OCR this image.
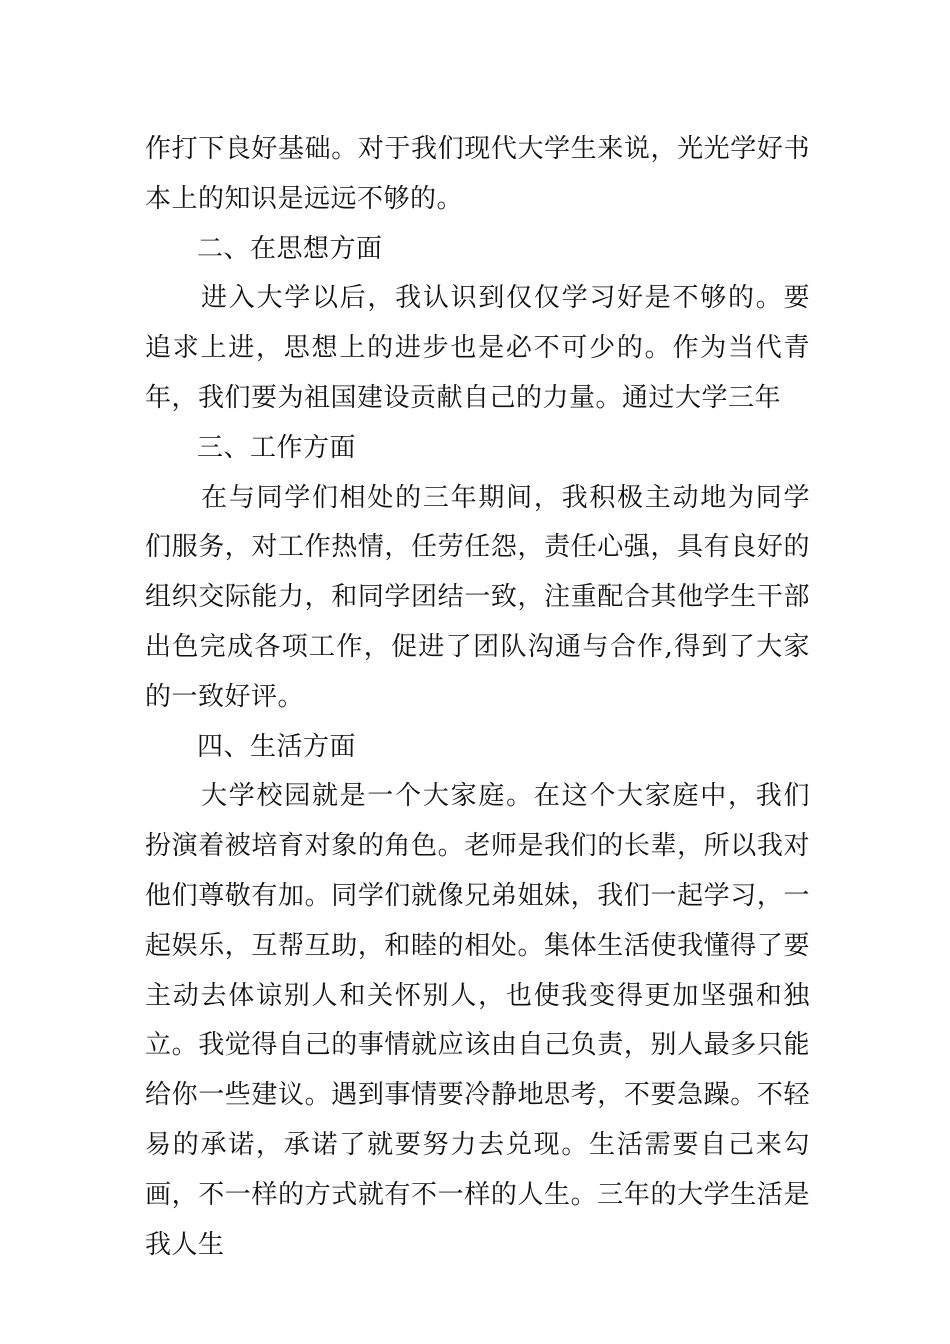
作打下良好基础。对于我们现代大学生来说，光光学好书本上的知识是远远不够的。

二、在思想方面

进入大学以后，我认识到仅仅学习好是不够的。要追求上进，思想上的进步也是必不可少的。作为当代青年，我们要为祖国建设贡献自己的力量。通过大学三年

三、工作方面

在与同学们相处的三年期间，我积极主动地为同学们服务，对工作热情，任劳任怨，责任心强，具有良好的组织交际能力，和同学团结一致，注重配合其他学生干部出色完成各项工作，促进了团队沟通与合作,得到了大家的一致好评。

四、生活方面

大学校园就是一个大家庭。在这个大家庭中，我们扮演着被培育对象的角色。老师是我们的长辈，所以我对他们尊敬有加。同学们就像兄弟姐妹，我们一起学习，一起娱乐，互帮互助，和睦的相处。集体生活使我懂得了要主动去体谅别人和关怀别人，也使我变得更加坚强和独立。我觉得自己的事情就应该由自己负责，别人最多只能给你一些建议。遇到事情要冷静地思考，不要急躁。不轻易的承诺，承诺了就要努力去兑现。生活需要自己来勾画，不一样的方式就有不一样的人生。三年的大学生活是我人生
